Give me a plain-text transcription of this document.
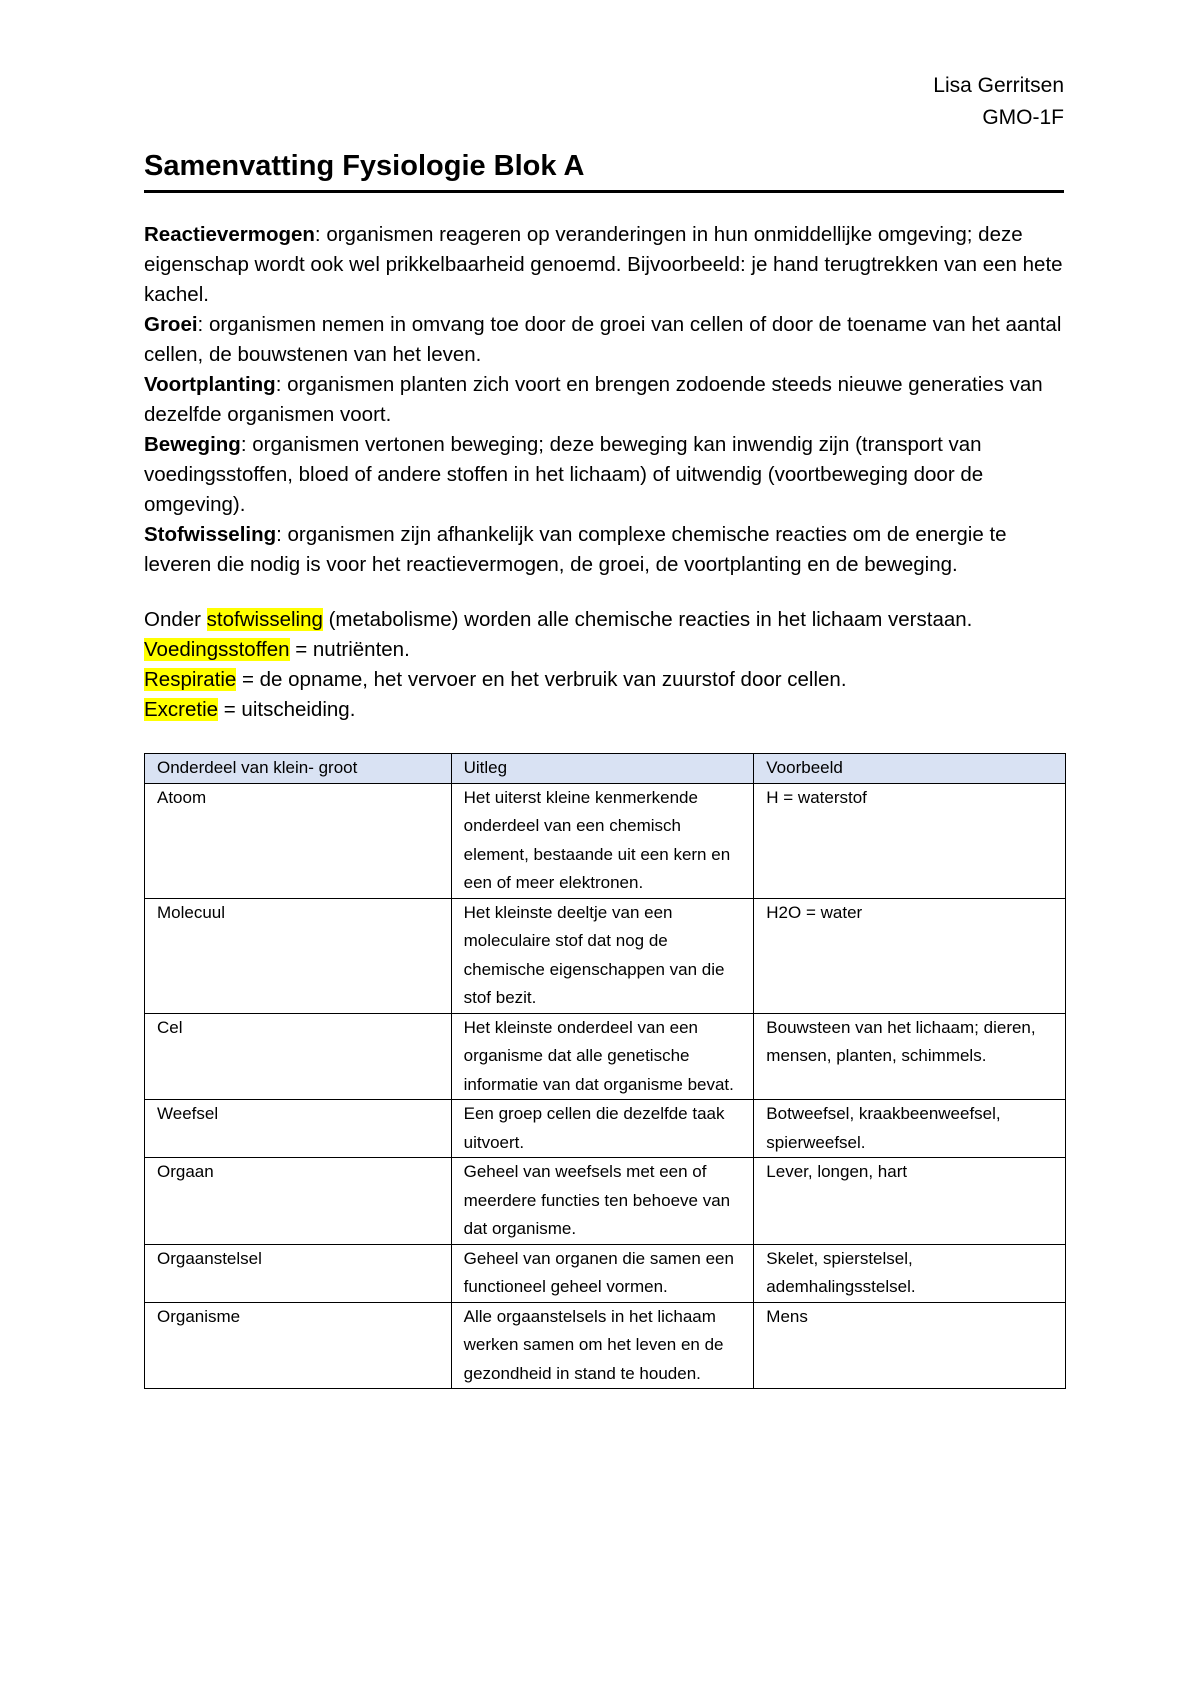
Lisa Gerritsen
GMO-1F
Samenvatting Fysiologie Blok A

Reactievermogen: organismen reageren op veranderingen in hun onmiddellijke omgeving; deze eigenschap wordt ook wel prikkelbaarheid genoemd. Bijvoorbeeld: je hand terugtrekken van een hete kachel.

Groei: organismen nemen in omvang toe door de groei van cellen of door de toename van het aantal cellen, de bouwstenen van het leven.

Voortplanting: organismen planten zich voort en brengen zodoende steeds nieuwe generaties van dezelfde organismen voort.

Beweging: organismen vertonen beweging; deze beweging kan inwendig zijn (transport van voedingsstoffen, bloed of andere stoffen in het lichaam) of uitwendig (voortbeweging door de omgeving).

Stofwisseling: organismen zijn afhankelijk van complexe chemische reacties om de energie te leveren die nodig is voor het reactievermogen, de groei, de voortplanting en de beweging.

Onder stofwisseling (metabolisme) worden alle chemische reacties in het lichaam verstaan.

Voedingsstoffen = nutriënten.

Respiratie = de opname, het vervoer en het verbruik van zuurstof door cellen.

Excretie = uitscheiding.

Onderdeel van klein- groot	Uitleg	Voorbeeld
Atoom	Het uiterst kleine kenmerkende onderdeel van een chemisch element, bestaande uit een kern en een of meer elektronen.	H = waterstof
Molecuul	Het kleinste deeltje van een moleculaire stof dat nog de chemische eigenschappen van die stof bezit.	H2O = water
Cel	Het kleinste onderdeel van een organisme dat alle genetische informatie van dat organisme bevat.	Bouwsteen van het lichaam; dieren, mensen, planten, schimmels.
Weefsel	Een groep cellen die dezelfde taak uitvoert.	Botweefsel, kraakbeenweefsel, spierweefsel.
Orgaan	Geheel van weefsels met een of meerdere functies ten behoeve van dat organisme.	Lever, longen, hart
Orgaanstelsel	Geheel van organen die samen een functioneel geheel vormen.	Skelet, spierstelsel, ademhalingsstelsel.
Organisme	Alle orgaanstelsels in het lichaam werken samen om het leven en de gezondheid in stand te houden.	Mens
